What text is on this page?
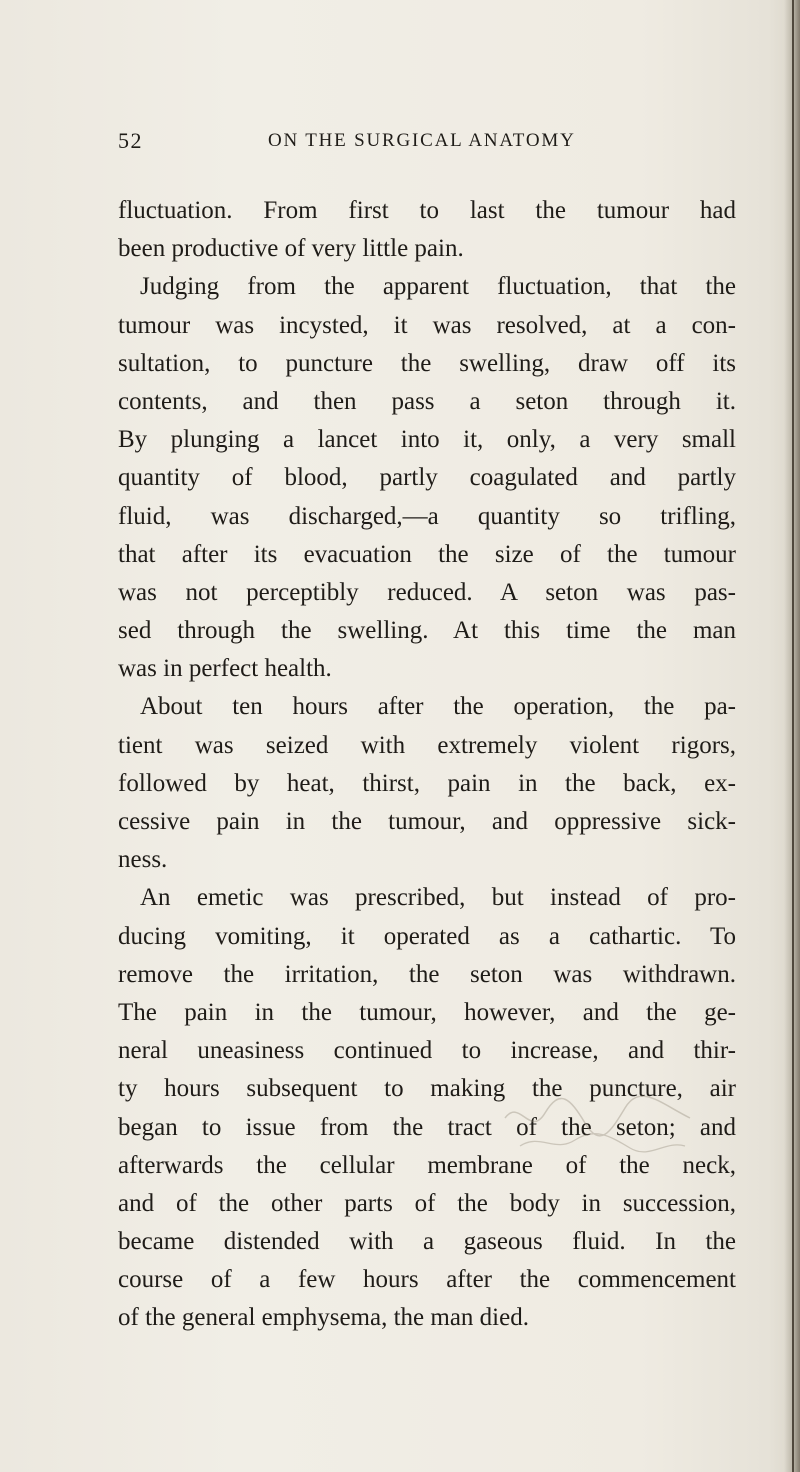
52	ON THE SURGICAL ANATOMY
fluctuation. From first to last the tumour had
been productive of very little pain.
Judging from the apparent fluctuation, that the
tumour was incysted, it was resolved, at a con-
sultation, to puncture the swelling, draw off its
contents, and then pass a seton through it.
By plunging a lancet into it, only, a very small
quantity of blood, partly coagulated and partly
fluid, was discharged,—a quantity so trifling,
that after its evacuation the size of the tumour
was not perceptibly reduced. A seton was pas-
sed through the swelling. At this time the man
was in perfect health.
About ten hours after the operation, the pa-
tient was seized with extremely violent rigors,
followed by heat, thirst, pain in the back, ex-
cessive pain in the tumour, and oppressive sick-
ness.
An emetic was prescribed, but instead of pro-
ducing vomiting, it operated as a cathartic. To
remove the irritation, the seton was withdrawn.
The pain in the tumour, however, and the ge-
neral uneasiness continued to increase, and thir-
ty hours subsequent to making the puncture, air
began to issue from the tract of the seton; and
afterwards the cellular membrane of the neck,
and of the other parts of the body in succession,
became distended with a gaseous fluid. In the
course of a few hours after the commencement
of the general emphysema, the man died.
